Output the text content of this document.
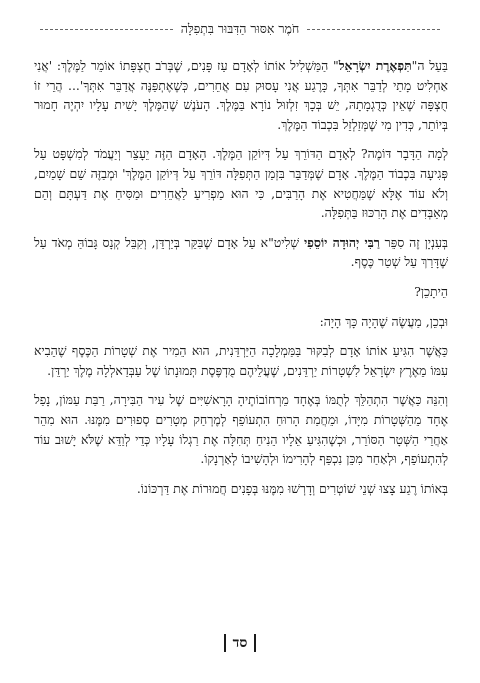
חֹמֶר אִסּוּר הַדִּבּוּר בִּתְפִלָּה

בַּעַל ה"תִּפְאֶרֶת יִשְׂרָאֵל" הַמַּשְׁלִיל אוֹתוֹ לְאָדָם עַז פָּנִים, שֶׁבְּרֹב חֻצְפָּתוֹ אוֹמֵר לַמֶּלֶךְ: 'אֲנִי אַחְלִיט מָתַי לְדַבֵּר אִתְּךָ, כָּרֶגַע אֲנִי עָסוּק עִם אֲחֵרִים, כְּשֶׁאֶתְפַּנֶּה אֲדַבֵּר אִתְּךָ'... הֲרֵי זוֹ חֻצְפָּה שֶׁאֵין כְּדֻגְמָתָהּ, יֵשׁ בְּכָךְ זִלְזוּל נוֹרָא בַּמֶּלֶךְ. הָעֹנֶשׁ שֶׁהַמֶּלֶךְ יָשִׁית עָלָיו יִהְיֶה חָמוּר בְּיוֹתֵר, כְּדִין מִי שֶׁמְּזַלְזֵל בִּכְבוֹד הַמֶּלֶךְ.

לְמָה הַדָּבָר דּוֹמֶה? לְאָדָם הַדּוֹרֵךְ עַל דְּיוֹקַן הַמֶּלֶךְ. הָאָדָם הַזֶּה יֵעָצֵר וְיַעֲמֹד לְמִשְׁפָּט עַל פְּגִיעָה בִּכְבוֹד הַמֶּלֶךְ. אָדָם שֶׁמְּדַבֵּר בִּזְמַן הַתְּפִלָּה דּוֹרֵךְ עַל דְּיוֹקַן הַמֶּלֶךְ' וּמְבַזֶּה שֵׁם שָׁמַיִם, וְלֹא עוֹד אֶלָּא שֶׁמַּחֲטִיא אֶת הָרַבִּים, כִּי הוּא מַפְרִיעַ לַאֲחֵרִים וּמַסִּיחַ אֶת דַּעְתָּם וְהֵם מְאַבְּדִים אֶת הָרִכּוּז בַּתְּפִלָּה.

בְּעִנְיָן זֶה סִפֵּר רַבִּי יְהוּדָה יוֹסֵפִי שְׁלִיט"א עַל אָדָם שֶׁבִּקֵּר בְּיַרְדֵּן, וְקִבֵּל קְנָס גָּבוֹהַּ מְאֹד עַל שֶׁדָּרַךְ עַל שְׁטַר כֶּסֶף.

הֵיתָכֵן?

וּבְכֵן, מַעֲשֶׂה שֶׁהָיָה כָּךְ הָיָה:

כַּאֲשֶׁר הִגִּיעַ אוֹתוֹ אָדָם לְבִקּוּר בַּמַּמְלָכָה הַיַּרְדֵּנִית, הוּא הֵמִיר אֶת שְׁטָרוֹת הַכֶּסֶף שֶׁהֵבִיא עִמּוֹ מֵאֶרֶץ יִשְׂרָאֵל לִשְׁטָרוֹת יַרְדֵּנִים, שֶׁעֲלֵיהֶם מֻדְפֶּסֶת תְּמוּנָתוֹ שֶׁל עַבְּדַאלְלָה מֶלֶךְ יַרְדֵּן.

וְהִנֵּה כַּאֲשֶׁר הִתְהַלֵּךְ לְתֻמּוֹ בְּאֶחָד מֵרְחוֹבוֹתֶיהָ הָרָאשִׁיִּים שֶׁל עִיר הַבִּירָה, רַבַּת עַמּוֹן, נָפַל אֶחָד מֵהַשְּׁטָרוֹת מִיָּדוֹ, וּמֵחֲמַת הָרוּחַ הִתְעוֹפֵף לְמֶרְחַק מְטָרִים סְפוּרִים מִמֶּנּוּ. הוּא מִהֵר אַחֲרֵי הַשְּׁטָר הַסּוֹרֵר, וּכְשֶׁהִגִּיעַ אֵלָיו הֵנִיחַ תְּחִלָּה אֶת רַגְלוֹ עָלָיו כְּדֵי לְוַדֵּא שֶׁלֹּא יָשׁוּב עוֹד לְהִתְעוֹפֵף, וּלְאַחַר מִכֵּן נִכְפַּף לְהָרִימוֹ וּלְהָשִׁיבוֹ לְאַרְנָקוֹ.

בְּאוֹתוֹ רֶגַע צָצוּ שְׁנֵי שׁוֹטְרִים וְדָרְשׁוּ מִמֶּנּוּ בְּפָנִים חֲמוּרוֹת אֶת דַּרְכּוֹנוֹ.

סד
